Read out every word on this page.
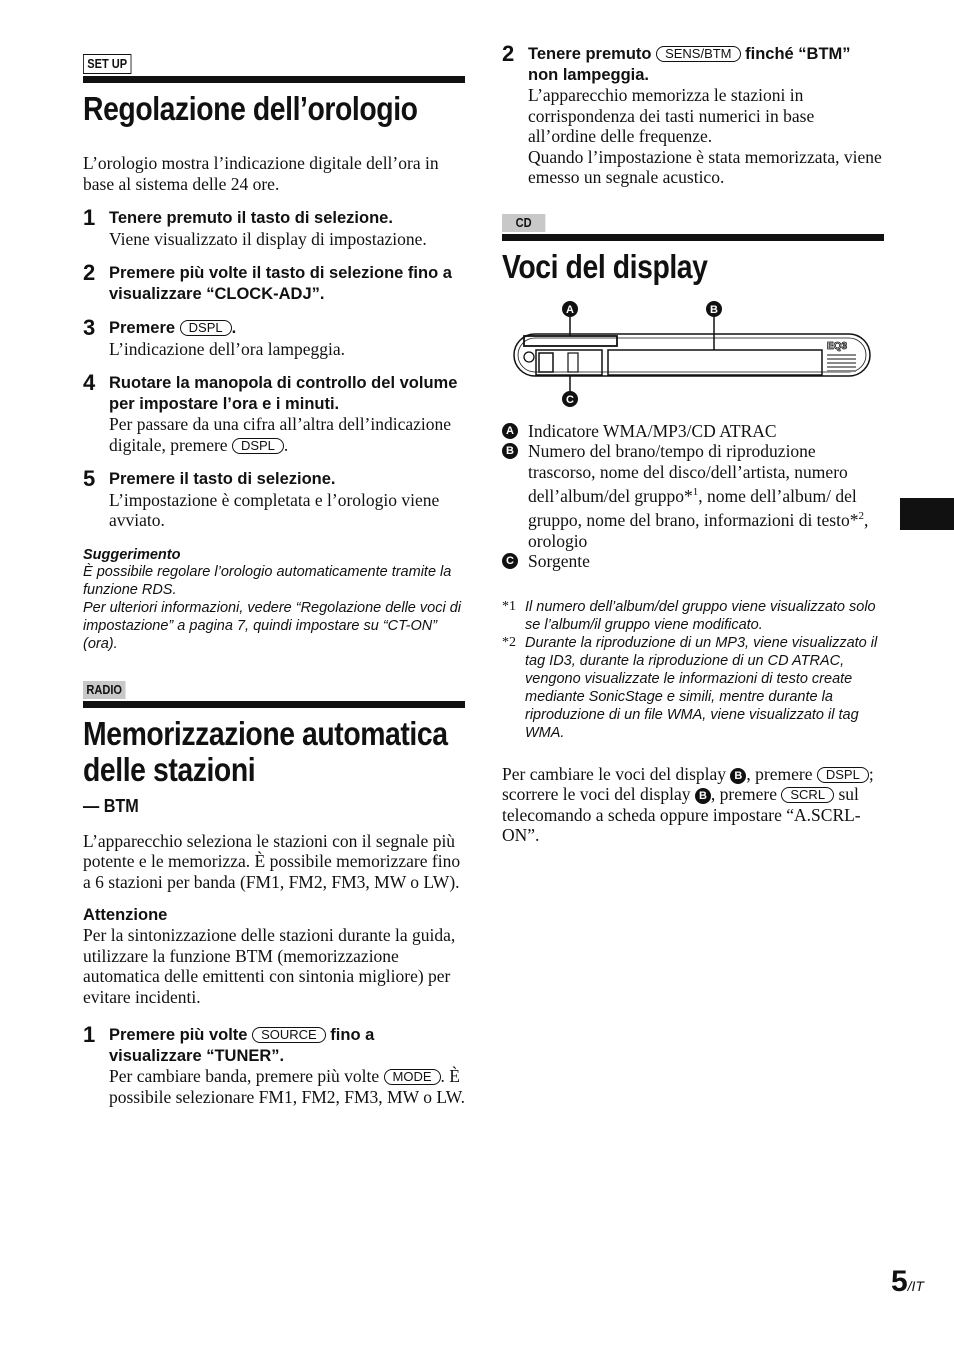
SET UP
Regolazione dell’orologio

L’orologio mostra l’indicazione digitale dell’ora in base al sistema delle 24 ore.

1 Tenere premuto il tasto di selezione.

Viene visualizzato il display di impostazione.

2 Premere più volte il tasto di selezione fino a visualizzare “CLOCK-ADJ”.
3 Premere DSPL .

L’indicazione dell’ora lampeggia.

4 Ruotare la manopola di controllo del volume per impostare l’ora e i minuti.

Per passare da una cifra all’altra dell’indicazione digitale, premere DSPL .

5 Premere il tasto di selezione.

L’impostazione è completata e l’orologio viene avviato.

Suggerimento
È possibile regolare l’orologio automaticamente tramite la funzione RDS.
Per ulteriori informazioni, vedere “Regolazione delle voci di impostazione” a pagina 7, quindi impostare su “CT-ON” (ora).
RADIO
Memorizzazione automatica
delle stazioni
— BTM

L’apparecchio seleziona le stazioni con il segnale più potente e le memorizza. È possibile memorizzare fino a 6 stazioni per banda (FM1, FM2, FM3, MW o LW).

Attenzione

Per la sintonizzazione delle stazioni durante la guida, utilizzare la funzione BTM (memorizzazione automatica delle emittenti con sintonia migliore) per evitare incidenti.

1 Premere più volte SOURCE fino a visualizzare “TUNER”.

Per cambiare banda, premere più volte MODE . È possibile selezionare FM1, FM2, FM3, MW o LW.

2 Tenere premuto SENS/BTM finché “BTM” non lampeggia.

L’apparecchio memorizza le stazioni in corrispondenza dei tasti numerici in base all’ordine delle frequenze.

Quando l’impostazione è stata memorizzata, viene emesso un segnale acustico.

CD
Voci del display
EQ3
A	B
C
A Indicatore WMA/MP3/CD ATRAC
B Numero del brano/tempo di riproduzione trascorso, nome del disco/dell’artista, numero dell’album/del gruppo*$^1$, nome dell’album/ del gruppo, nome del brano, informazioni di testo*$^2$, orologio
C Sorgente
*1 Il numero dell’album/del gruppo viene visualizzato solo se l’album/il gruppo viene modificato.
*2 Durante la riproduzione di un MP3, viene visualizzato il tag ID3, durante la riproduzione di un CD ATRAC, vengono visualizzate le informazioni di testo create mediante SonicStage e simili, mentre durante la riproduzione di un file WMA, viene visualizzato il tag WMA.

Per cambiare le voci del display B , premere DSPL ; scorrere le voci del display B , premere SCRL sul telecomando a scheda oppure impostare “A.SCRL-ON”.

5/IT
